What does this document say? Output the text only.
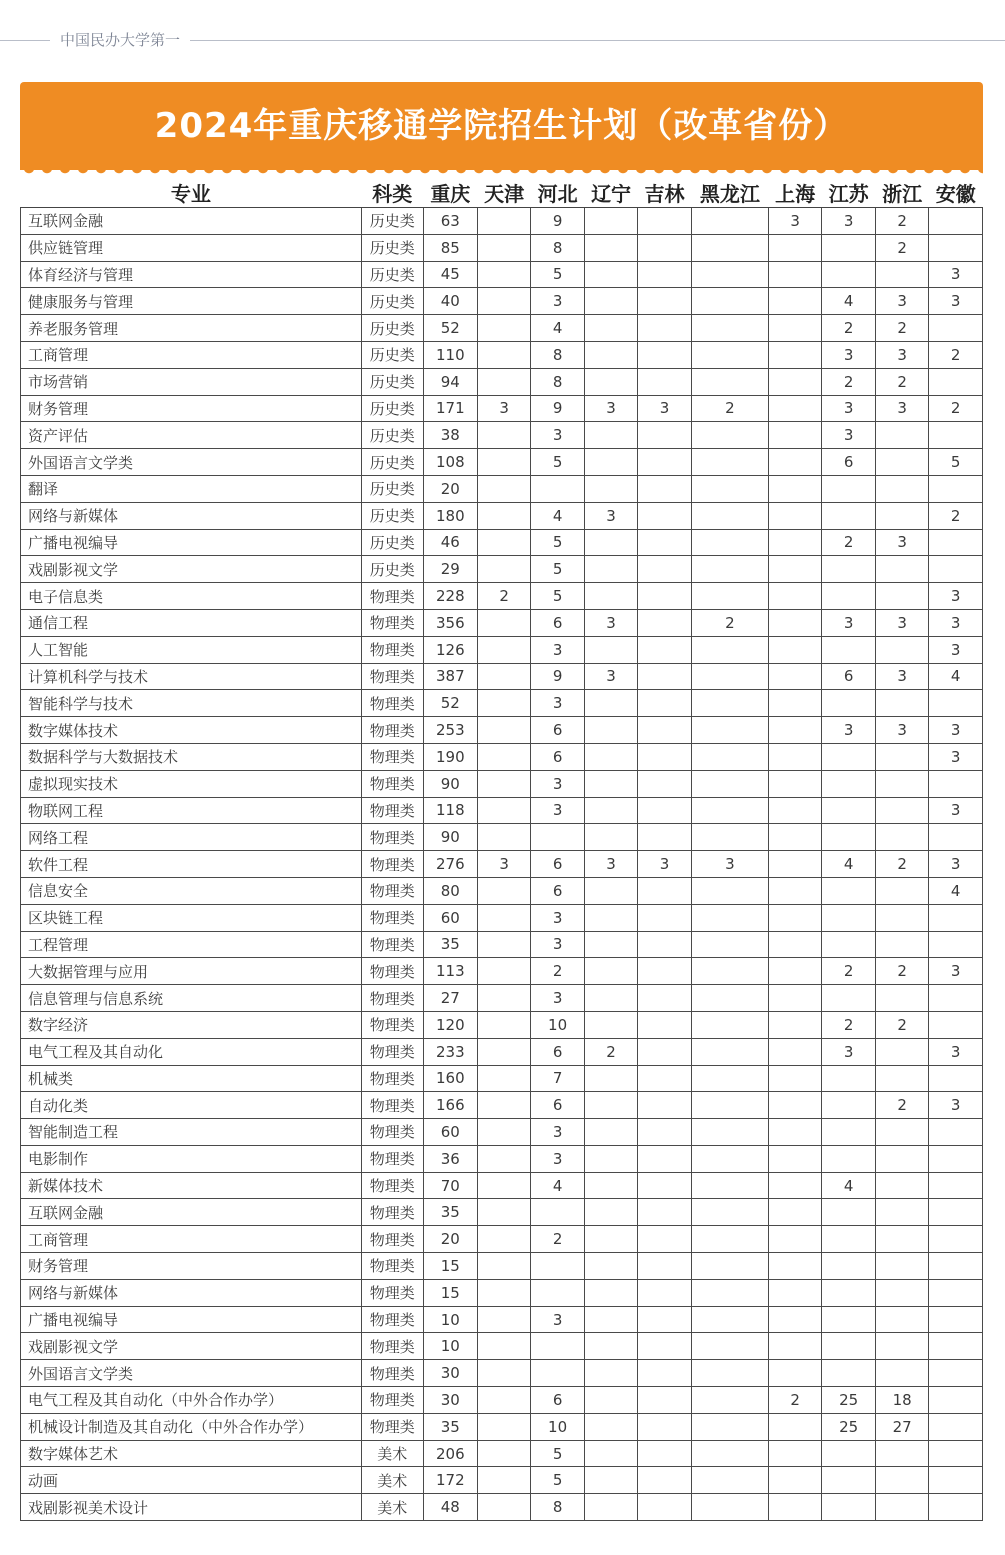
中国民办大学第一
2024年重庆移通学院招生计划（改革省份）
专业	科类	重庆	天津	河北	辽宁	吉林	黑龙江	上海	江苏	浙江	安徽
互联网金融	历史类	63		9				3	3	2	
供应链管理	历史类	85		8						2	
体育经济与管理	历史类	45		5							3
健康服务与管理	历史类	40		3					4	3	3
养老服务管理	历史类	52		4					2	2	
工商管理	历史类	110		8					3	3	2
市场营销	历史类	94		8					2	2	
财务管理	历史类	171	3	9	3	3	2		3	3	2
资产评估	历史类	38		3					3		
外国语言文学类	历史类	108		5					6		5
翻译	历史类	20									
网络与新媒体	历史类	180		4	3						2
广播电视编导	历史类	46		5					2	3	
戏剧影视文学	历史类	29		5							
电子信息类	物理类	228	2	5							3
通信工程	物理类	356		6	3		2		3	3	3
人工智能	物理类	126		3							3
计算机科学与技术	物理类	387		9	3				6	3	4
智能科学与技术	物理类	52		3							
数字媒体技术	物理类	253		6					3	3	3
数据科学与大数据技术	物理类	190		6							3
虚拟现实技术	物理类	90		3							
物联网工程	物理类	118		3							3
网络工程	物理类	90									
软件工程	物理类	276	3	6	3	3	3		4	2	3
信息安全	物理类	80		6							4
区块链工程	物理类	60		3							
工程管理	物理类	35		3							
大数据管理与应用	物理类	113		2					2	2	3
信息管理与信息系统	物理类	27		3							
数字经济	物理类	120		10					2	2	
电气工程及其自动化	物理类	233		6	2				3		3
机械类	物理类	160		7							
自动化类	物理类	166		6						2	3
智能制造工程	物理类	60		3							
电影制作	物理类	36		3							
新媒体技术	物理类	70		4					4		
互联网金融	物理类	35									
工商管理	物理类	20		2							
财务管理	物理类	15									
网络与新媒体	物理类	15									
广播电视编导	物理类	10		3							
戏剧影视文学	物理类	10									
外国语言文学类	物理类	30									
电气工程及其自动化（中外合作办学）	物理类	30		6				2	25	18	
机械设计制造及其自动化（中外合作办学）	物理类	35		10					25	27	
数字媒体艺术	美术	206		5							
动画	美术	172		5							
戏剧影视美术设计	美术	48		8							
